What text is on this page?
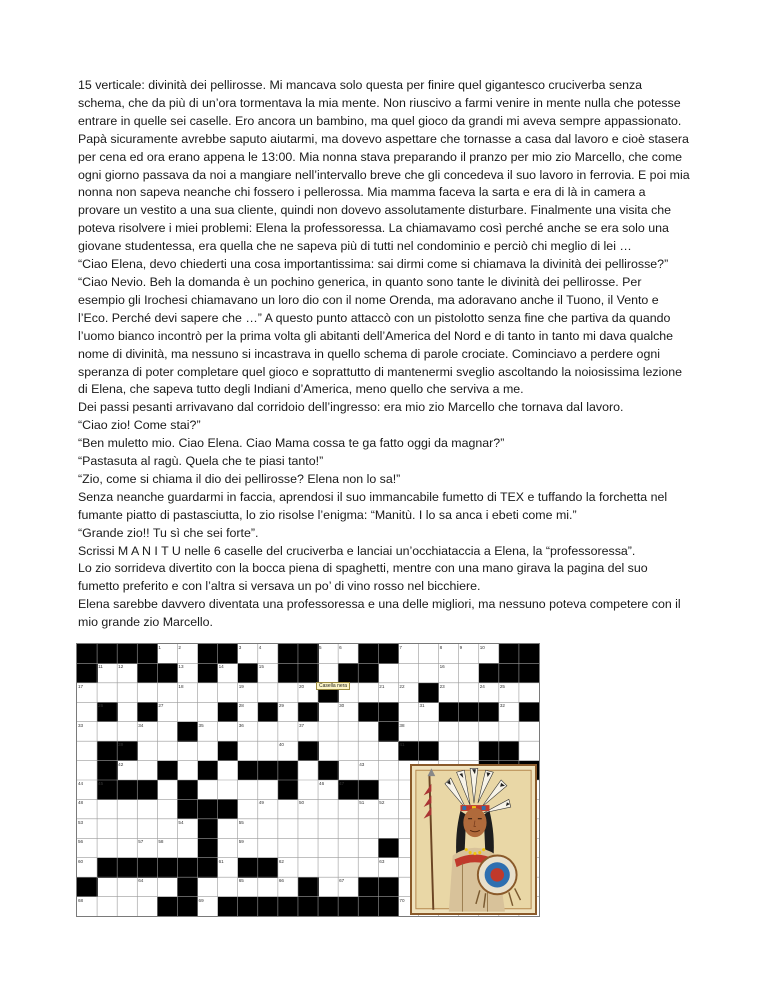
15 verticale: divinità dei pellirosse. Mi mancava solo questa per finire quel gigantesco cruciverba senza schema, che da più di un’ora tormentava la mia mente. Non riuscivo a farmi venire in mente nulla che potesse entrare in quelle sei caselle. Ero ancora un bambino, ma quel gioco da grandi mi aveva sempre appassionato. Papà sicuramente avrebbe saputo aiutarmi, ma dovevo aspettare che tornasse a casa dal lavoro e cioè stasera per cena ed ora erano appena le 13:00. Mia nonna stava preparando il pranzo per mio zio Marcello, che come ogni giorno passava da noi a mangiare nell’intervallo breve che gli concedeva il suo lavoro in ferrovia. E poi mia nonna non sapeva neanche chi fossero i pellerossa. Mia mamma faceva la sarta e era di là in camera a provare un vestito a una sua cliente, quindi non dovevo assolutamente disturbare. Finalmente una visita che poteva risolvere i miei problemi: Elena la professoressa. La chiamavamo così perché anche se era solo una giovane studentessa, era quella che ne sapeva più di tutti nel condominio e perciò chi meglio di lei …

“Ciao Elena, devo chiederti una cosa importantissima: sai dirmi come si chiamava la divinità dei pellirosse?”

“Ciao Nevio. Beh la domanda è un pochino generica, in quanto sono tante le divinità dei pellirosse. Per esempio gli Irochesi chiamavano un loro dio con il nome Orenda, ma adoravano anche il Tuono, il Vento e l’Eco. Perché devi sapere che …” A questo punto attaccò con un pistolotto senza fine che partiva da quando l’uomo bianco incontrò per la prima volta gli abitanti dell’America del Nord e di tanto in tanto mi dava qualche nome di divinità, ma nessuno si incastrava in quello schema di parole crociate. Cominciavo a perdere ogni speranza di poter completare quel gioco e soprattutto di mantenermi sveglio ascoltando la noiosissima lezione di Elena, che sapeva tutto degli Indiani d’America, meno quello che serviva a me.

Dei passi pesanti arrivavano dal corridoio dell’ingresso: era mio zio Marcello che tornava dal lavoro.

“Ciao zio! Come stai?”

“Ben muletto mio. Ciao Elena. Ciao Mama cossa te ga fatto oggi da magnar?”

“Pastasuta al ragù. Quela che te piasi tanto!”

“Zio, come si chiama il dio dei pellirosse? Elena non lo sa!”

Senza neanche guardarmi in faccia, aprendosi il suo immancabile fumetto di TEX e tuffando la forchetta nel fumante piatto di pastasciutta, lo zio risolse l’enigma: “Manitù. I lo sa anca i ebeti come mi.”

“Grande zio!! Tu sì che sei forte”.

Scrissi M A N I T U nelle 6 caselle del cruciverba e lanciai un’occhiataccia a Elena, la “professoressa”.

Lo zio sorrideva divertito con la bocca piena di spaghetti, mentre con una mano girava la pagina del suo fumetto preferito e con l’altra si versava un po’ di vino rosso nel bicchiere.

Elena sarebbe davvero diventata una professoressa e una delle migliori, ma nessuno poteva competere con il mio grande zio Marcello.

1	2	3	4	5	6	7	8	9	10
11	12	13	14	15	16
17	18	19	20	21	22	23	24	25
26	27	28	29	30	31	32
33	34	35	36	37	38
39	40	41
42	43
44	45	46	47
48	49	50	51	52
53	54	55
56	57	58	59
60	61	62	63
64	65	66	67
68	69	70
Casella nera
